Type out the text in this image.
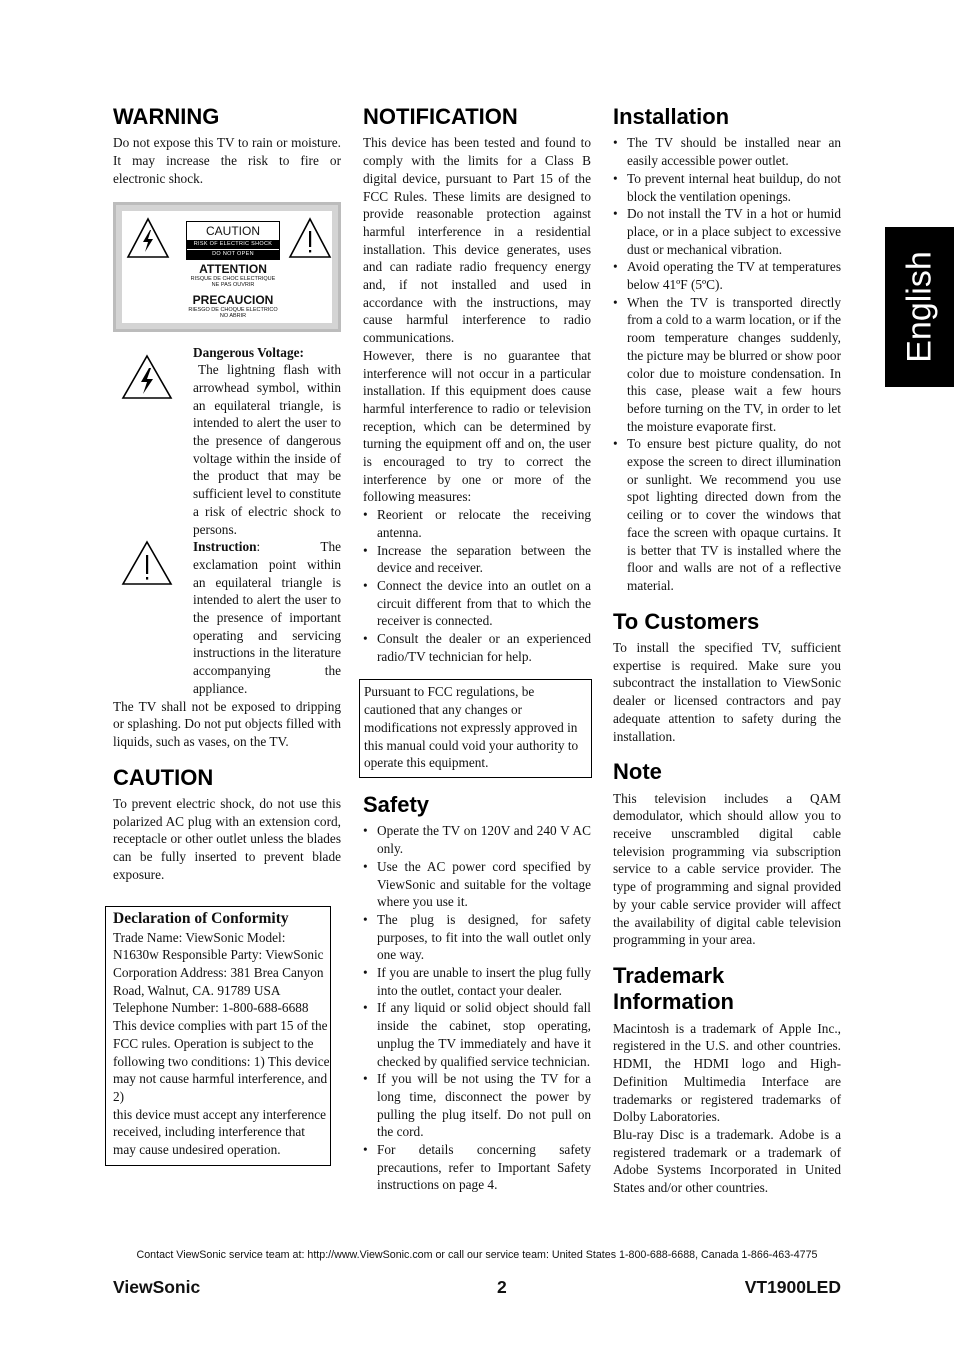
WARNING

Do not expose this TV to rain or moisture. It may increase the risk to fire or electronic shock.

CAUTION
RISK OF ELECTRIC SHOCK
DO NOT OPEN
ATTENTION
RISQUE DE CHOC ELECTRIQUE
NE PAS OUVRIR
PRECAUCION
RIESGO DE CHOQUE ELECTRICO
NO ABRIR

Dangerous Voltage:

The lightning flash with arrowhead symbol, within an equilateral triangle, is intended to alert the user to the presence of dangerous voltage within the inside of the product that may be sufficient level to constitute a risk of electric shock to persons.

Instruction: The exclamation point within an equilateral triangle is intended to alert the user to the presence of important operating and servicing instructions in the literature accompanying the appliance.

The TV shall not be exposed to dripping or splashing. Do not put objects filled with liquids, such as vases, on the TV.

CAUTION

To prevent electric shock, do not use this polarized AC plug with an extension cord, receptacle or other outlet unless the blades can be fully inserted to prevent blade exposure.

Declaration of Conformity

Trade Name: ViewSonic Model: N1630w Responsible Party: ViewSonic Corporation Address: 381 Brea Canyon Road, Walnut, CA. 91789 USA Telephone Number: 1-800-688-6688 This device complies with part 15 of the FCC rules. Operation is subject to the following two conditions: 1) This device may not cause harmful interference, and 2)

this device must accept any interference received, including interference that may cause undesired operation.

NOTIFICATION

This device has been tested and found to comply with the limits for a Class B digital device, pursuant to Part 15 of the FCC Rules. These limits are designed to provide reasonable protection against harmful interference in a residential installation. This device generates, uses and can radiate radio frequency energy and, if not installed and used in accordance with the instructions, may cause harmful interference to radio communications.

However, there is no guarantee that interference will not occur in a particular installation. If this equipment does cause harmful interference to radio or television reception, which can be determined by turning the equipment off and on, the user is encouraged to try to correct the interference by one or more of the following measures:

• Reorient or relocate the receiving antenna.
• Increase the separation between the device and receiver.
• Connect the device into an outlet on a circuit different from that to which the receiver is connected.
• Consult the dealer or an experienced radio/TV technician for help.

Pursuant to FCC regulations, be cautioned that any changes or modifications not expressly approved in this manual could void your authority to operate this equipment.

Safety
• Operate the TV on 120V and 240 V AC only.
• Use the AC power cord specified by ViewSonic and suitable for the voltage where you use it.
• The plug is designed, for safety purposes, to fit into the wall outlet only one way.
• If you are unable to insert the plug fully into the outlet, contact your dealer.
• If any liquid or solid object should fall inside the cabinet, stop operating, unplug the TV immediately and have it checked by qualified service technician.
• If you will be not using the TV for a long time, disconnect the power by pulling the plug itself. Do not pull on the cord.
• For details concerning safety precautions, refer to Important Safety instructions on page 4.
Installation
• The TV should be installed near an easily accessible power outlet.
• To prevent internal heat buildup, do not block the ventilation openings.
• Do not install the TV in a hot or humid place, or in a place subject to excessive dust or mechanical vibration.
• Avoid operating the TV at temperatures below 41ºF (5ºC).
• When the TV is transported directly from a cold to a warm location, or if the room temperature changes suddenly, the picture may be blurred or show poor color due to moisture condensation. In this case, please wait a few hours before turning on the TV, in order to let the moisture evaporate first.
• To ensure best picture quality, do not expose the screen to direct illumination or sunlight. We recommend you use spot lighting directed down from the ceiling or to cover the windows that face the screen with opaque curtains. It is better that TV is installed where the floor and walls are not of a reflective material.
To Customers

To install the specified TV, sufficient expertise is required. Make sure you subcontract the installation to ViewSonic dealer or licensed contractors and pay adequate attention to safety during the installation.

Note

This television includes a QAM demodulator, which should allow you to receive unscrambled digital cable television programming via subscription service to a cable service provider. The type of programming and signal provided by your cable service provider will affect the availability of digital cable television programming in your area.

Trademark Information

Macintosh is a trademark of Apple Inc., registered in the U.S. and other countries. HDMI, the HDMI logo and High-Definition Multimedia Interface are trademarks or registered trademarks of Dolby Laboratories.

Blu-ray Disc is a trademark. Adobe is a registered trademark or a trademark of Adobe Systems Incorporated in United States and/or other countries.

English
Contact ViewSonic service team at: http://www.ViewSonic.com or call our service team: United States 1-800-688-6688, Canada 1-866-463-4775
ViewSonic	2	VT1900LED
